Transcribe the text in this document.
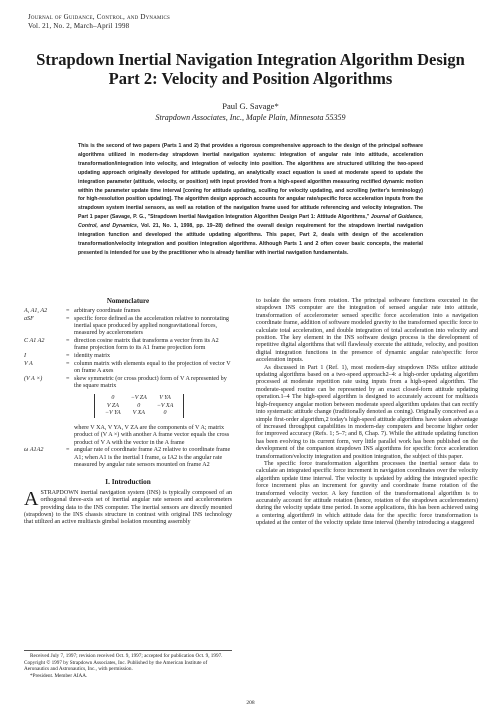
Journal of Guidance, Control, and Dynamics
Vol. 21, No. 2, March–April 1998
Strapdown Inertial Navigation Integration Algorithm Design
Part 2: Velocity and Position Algorithms
Paul G. Savage*
Strapdown Associates, Inc., Maple Plain, Minnesota 55359
This is the second of two papers (Parts 1 and 2) that provides a rigorous comprehensive approach to the design of the principal software algorithms utilized in modern-day strapdown inertial navigation systems: integration of angular rate into attitude, acceleration transformation/integration into velocity, and integration of velocity into position. The algorithms are structured utilizing the two-speed updating approach originally developed for attitude updating, an analytically exact equation is used at moderate speed to update the integration parameter (attitude, velocity, or position) with input provided from a high-speed algorithm measuring rectified dynamic motion within the parameter update time interval [coning for attitude updating, sculling for velocity updating, and scrolling (writer's terminology) for high-resolution position updating]. The algorithm design approach accounts for angular rate/specific force acceleration inputs from the strapdown system inertial sensors, as well as rotation of the navigation frame used for attitude referencing and velocity integration. The Part 1 paper (Savage, P. G., "Strapdown Inertial Navigation Integration Algorithm Design Part 1: Attitude Algorithms," Journal of Guidance, Control, and Dynamics, Vol. 21, No. 1, 1998, pp. 19–28) defined the overall design requirement for the strapdown inertial navigation integration function and developed the attitude updating algorithms. This paper, Part 2, deals with design of the acceleration transformation/velocity integration and position integration algorithms. Although Parts 1 and 2 often cover basic concepts, the material presented is intended for use by the practitioner who is already familiar with inertial navigation fundamentals.
Nomenclature
A, A1, A2	= arbitrary coordinate frames
aSF	= specific force defined as the acceleration relative to nonrotating inertial space produced by applied nongravitational forces, measured by accelerometers
C A1 A2	= direction cosine matrix that transforms a vector from its A2 frame projection form to its A1 frame projection form
I	= identity matrix
V A	= column matrix with elements equal to the projection of vector V on frame A axes
(V A ×)	= skew symmetric (or cross product) form of V A represented by the square matrix
0	−V ZA	V YA
V ZA	0	−V XA
−V YA	V XA	0
where V XA, V YA, V ZA are the components of V A; matrix product of (V A ×) with another A frame vector equals the cross product of V A with the vector in the A frame
ω A1A2	= angular rate of coordinate frame A2 relative to coordinate frame A1; when A1 is the inertial I frame, ω IA2 is the angular rate measured by angular rate sensors mounted on frame A2
I. Introduction
ASTRAPDOWN inertial navigation system (INS) is typically composed of an orthogonal three-axis set of inertial angular rate sensors and accelerometers providing data to the INS computer. The inertial sensors are directly mounted (strapdown) to the INS chassis structure in contrast with original INS technology that utilized an active multiaxis gimbal isolation mounting assembly

Received July 7, 1997; revision received Oct. 9, 1997; accepted for publication Oct. 9, 1997. Copyright © 1997 by Strapdown Associates, Inc. Published by the American Institute of Aeronautics and Astronautics, Inc., with permission.

*President. Member AIAA.

to isolate the sensors from rotation. The principal software functions executed in the strapdown INS computer are the integration of sensed angular rate into attitude, transformation of accelerometer sensed specific force acceleration into a navigation coordinate frame, addition of software modeled gravity to the transformed specific force to calculate total acceleration, and double integration of total acceleration into velocity and position. The key element in the INS software design process is the development of repetitive digital algorithms that will flawlessly execute the attitude, velocity, and position digital integration functions in the presence of dynamic angular rate/specific force acceleration inputs.

As discussed in Part 1 (Ref. 1), most modern-day strapdown INSs utilize attitude updating algorithms based on a two-speed approach2–4: a high-order updating algorithm processed at moderate repetition rate using inputs from a high-speed algorithm. The moderate-speed routine can be represented by an exact closed-form attitude updating operation.1–4 The high-speed algorithm is designed to accurately account for multiaxis high-frequency angular motion between moderate speed algorithm updates that can rectify into systematic attitude change (traditionally denoted as coning). Originally conceived as a simple first-order algorithm,2 today's high-speed attitude algorithms have taken advantage of increased throughput capabilities in modern-day computers and become higher order for improved accuracy (Refs. 1; 5–7; and 8, Chap. 7). While the attitude updating function has been evolving to its current form, very little parallel work has been published on the development of the companion strapdown INS algorithms for specific force acceleration transformation/velocity integration and position integration, the subject of this paper.

The specific force transformation algorithm processes the inertial sensor data to calculate an integrated specific force increment in navigation coordinates over the velocity algorithm update time interval. The velocity is updated by adding the integrated specific force increment plus an increment for gravity and coordinate frame rotation of the transformed velocity vector. A key function of the transformational algorithm is to accurately account for attitude rotation (hence, rotation of the strapdown accelerometers) during the velocity update time period. In some applications, this has been achieved using a centering algorithm9 in which attitude data for the specific force transformation is updated at the center of the velocity update time interval (thereby introducing a staggered

208
